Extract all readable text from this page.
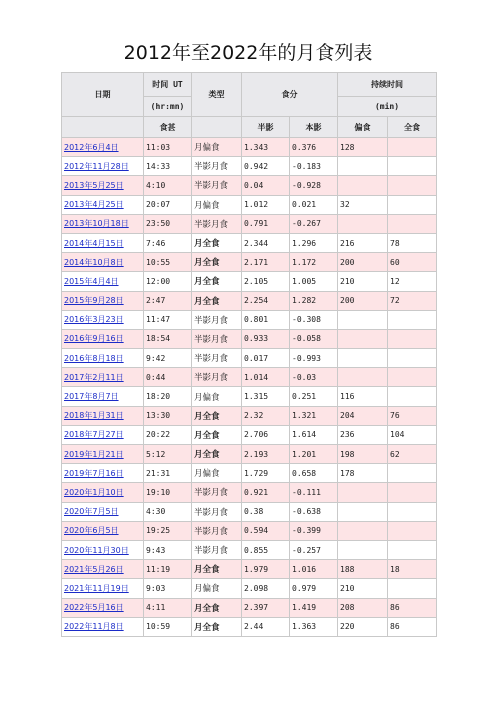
2012年至2022年的月食列表
日期	时间 UT	类型	食分		持续时间	
	(hr:mn)				(min)	
	食甚		半影	本影	偏食	全食
2012年6月4日	11:03	月偏食	1.343	0.376	128	
2012年11月28日	14:33	半影月食	0.942	-0.183		
2013年5月25日	4:10	半影月食	0.04	-0.928		
2013年4月25日	20:07	月偏食	1.012	0.021	32	
2013年10月18日	23:50	半影月食	0.791	-0.267		
2014年4月15日	7:46	月全食	2.344	1.296	216	78
2014年10月8日	10:55	月全食	2.171	1.172	200	60
2015年4月4日	12:00	月全食	2.105	1.005	210	12
2015年9月28日	2:47	月全食	2.254	1.282	200	72
2016年3月23日	11:47	半影月食	0.801	-0.308		
2016年9月16日	18:54	半影月食	0.933	-0.058		
2016年8月18日	9:42	半影月食	0.017	-0.993		
2017年2月11日	0:44	半影月食	1.014	-0.03		
2017年8月7日	18:20	月偏食	1.315	0.251	116	
2018年1月31日	13:30	月全食	2.32	1.321	204	76
2018年7月27日	20:22	月全食	2.706	1.614	236	104
2019年1月21日	5:12	月全食	2.193	1.201	198	62
2019年7月16日	21:31	月偏食	1.729	0.658	178	
2020年1月10日	19:10	半影月食	0.921	-0.111		
2020年7月5日	4:30	半影月食	0.38	-0.638		
2020年6月5日	19:25	半影月食	0.594	-0.399		
2020年11月30日	9:43	半影月食	0.855	-0.257		
2021年5月26日	11:19	月全食	1.979	1.016	188	18
2021年11月19日	9:03	月偏食	2.098	0.979	210	
2022年5月16日	4:11	月全食	2.397	1.419	208	86
2022年11月8日	10:59	月全食	2.44	1.363	220	86
